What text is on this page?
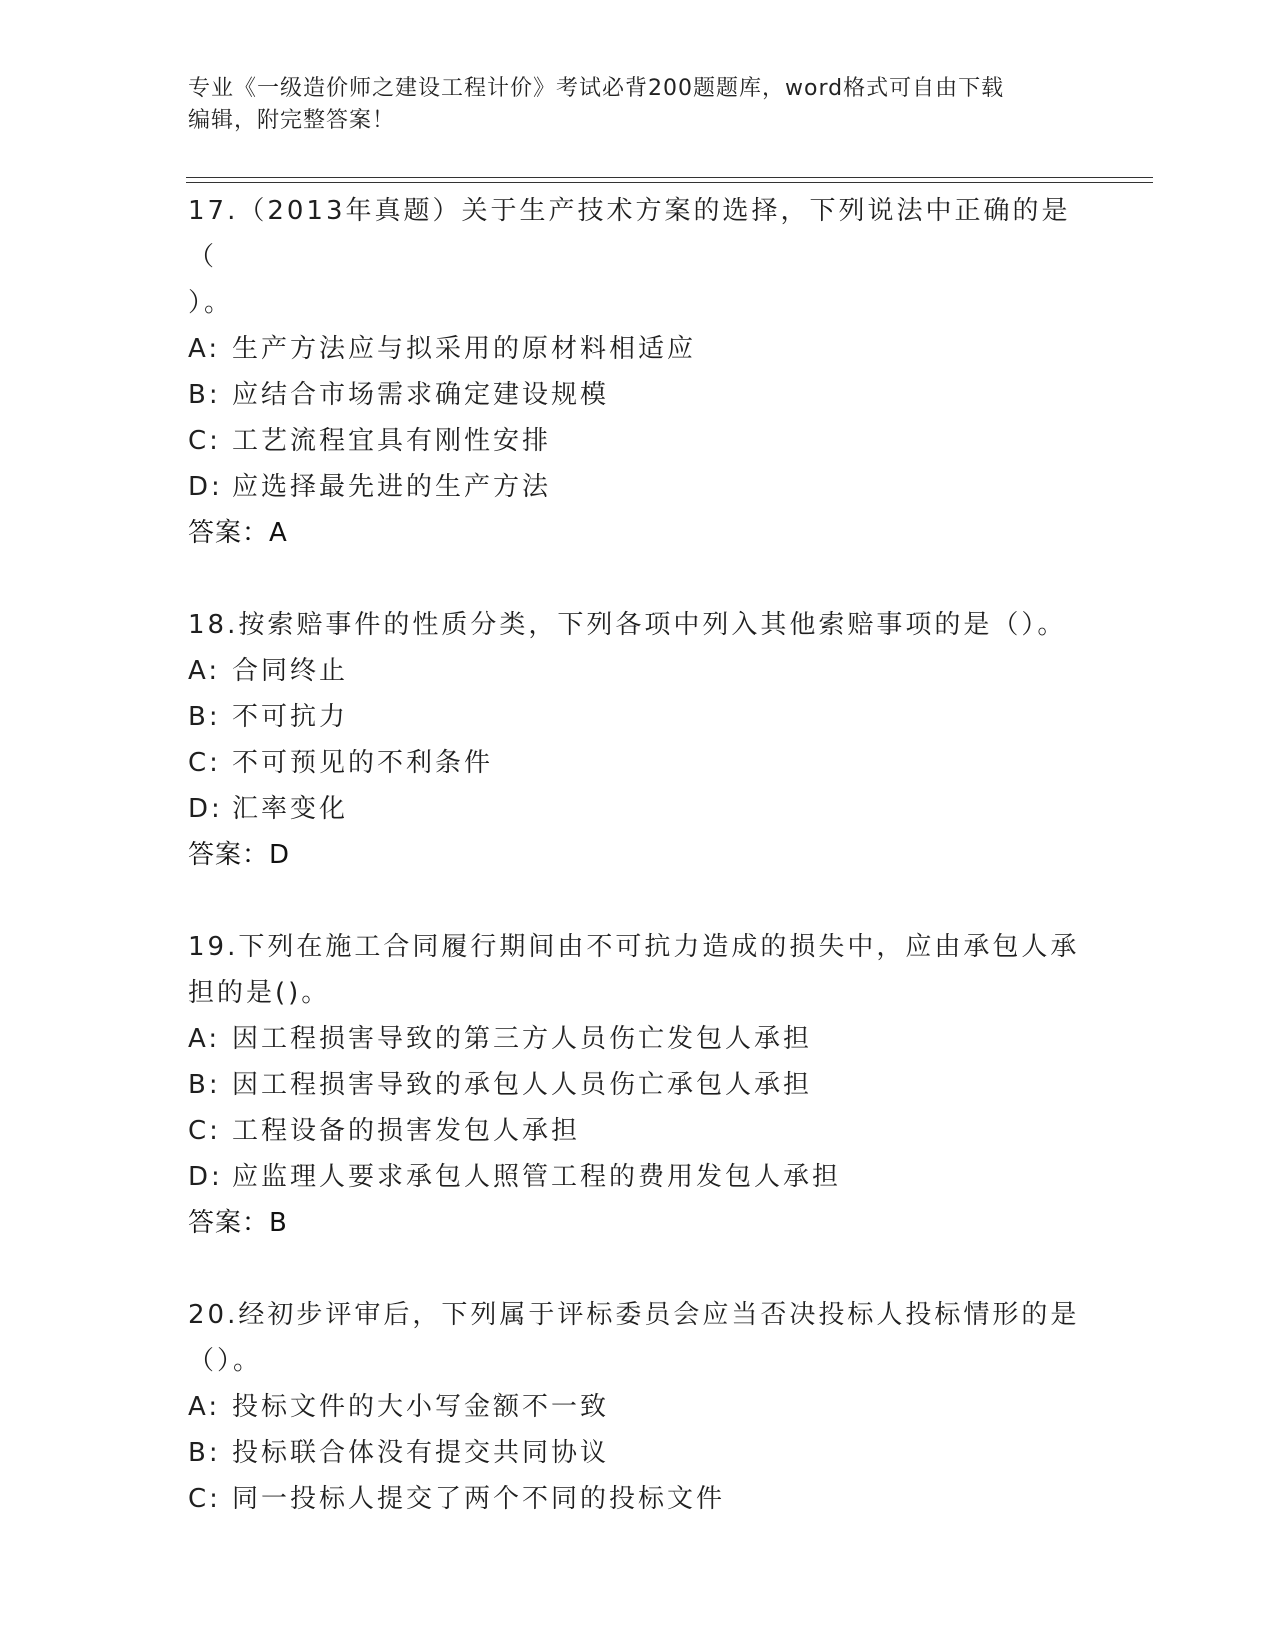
专业《一级造价师之建设工程计价》考试必背200题题库，word格式可自由下载
编辑，附完整答案！
17.（2013年真题）关于生产技术方案的选择，下列说法中正确的是（
）。
A: 生产方法应与拟采用的原材料相适应
B: 应结合市场需求确定建设规模
C: 工艺流程宜具有刚性安排
D: 应选择最先进的生产方法
答案：A
18.按索赔事件的性质分类，下列各项中列入其他索赔事项的是（）。
A: 合同终止
B: 不可抗力
C: 不可预见的不利条件
D: 汇率变化
答案：D
19.下列在施工合同履行期间由不可抗力造成的损失中，应由承包人承
担的是()。
A: 因工程损害导致的第三方人员伤亡发包人承担
B: 因工程损害导致的承包人人员伤亡承包人承担
C: 工程设备的损害发包人承担
D: 应监理人要求承包人照管工程的费用发包人承担
答案：B
20.经初步评审后，下列属于评标委员会应当否决投标人投标情形的是
（）。
A: 投标文件的大小写金额不一致
B: 投标联合体没有提交共同协议
C: 同一投标人提交了两个不同的投标文件
